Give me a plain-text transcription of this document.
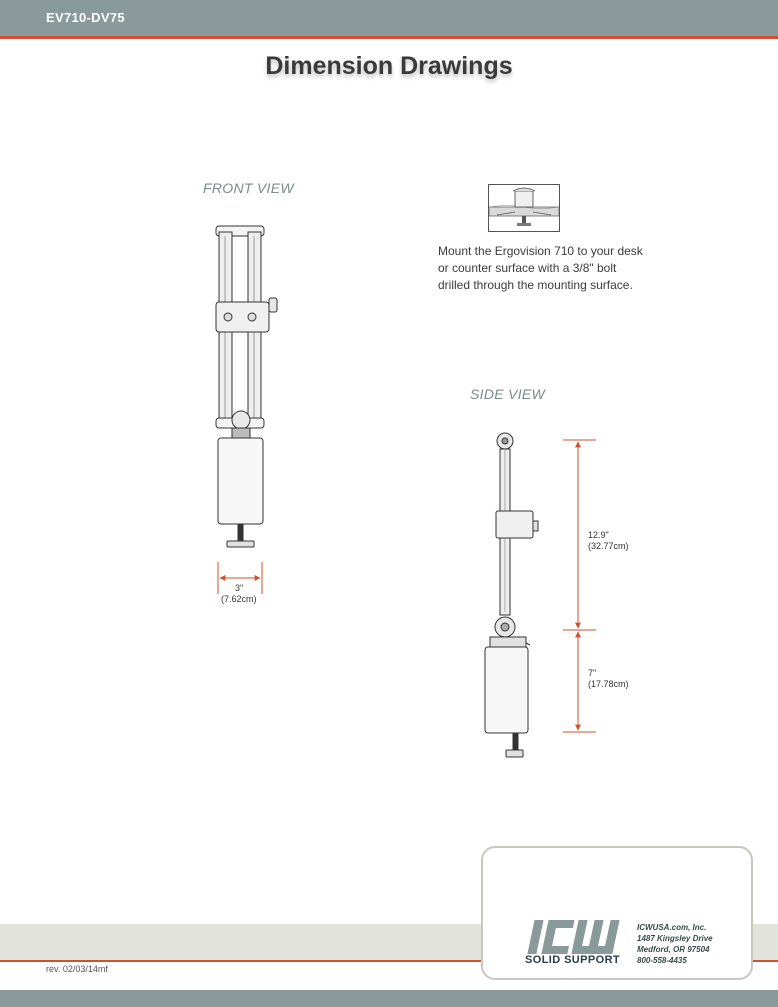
EV710-DV75
Dimension Drawings
FRONT VIEW
SIDE VIEW
Mount the Ergovision 710 to your desk
or counter surface with a 3/8" bolt
drilled through the mounting surface.
3"
(7.62cm)
12.9"
(32.77cm)
7"
(17.78cm)
rev. 02/03/14mf
SOLID SUPPORT
ICWUSA.com, Inc.
1487 Kingsley Drive
Medford, OR 97504
800-558-4435
